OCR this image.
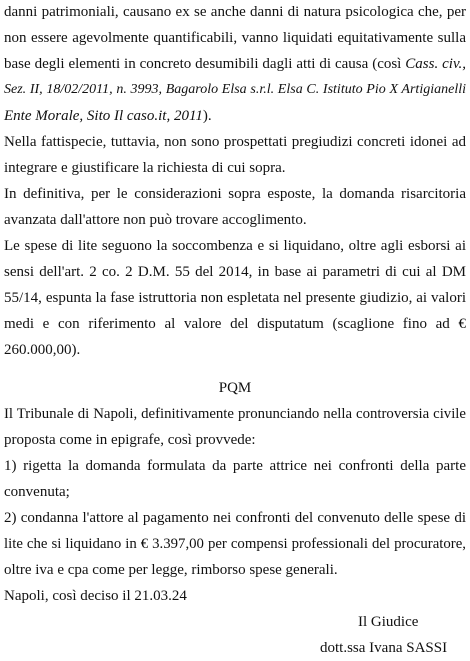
danni patrimoniali, causano ex se anche danni di natura psicologica che, per
non essere agevolmente quantificabili, vanno liquidati equitativamente sulla
base degli elementi in concreto desumibili dagli atti di causa (così Cass. civ.,
Sez. II, 18/02/2011, n. 3993, Bagarolo Elsa s.r.l. Elsa C. Istituto Pio X Artigianelli
Ente Morale, Sito Il caso.it, 2011).
Nella fattispecie, tuttavia, non sono prospettati pregiudizi concreti idonei ad
integrare e giustificare la richiesta di cui sopra.
In definitiva, per le considerazioni sopra esposte, la domanda risarcitoria
avanzata dall'attore non può trovare accoglimento.
Le spese di lite seguono la soccombenza e si liquidano, oltre agli esborsi ai
sensi dell'art. 2 co. 2 D.M. 55 del 2014, in base ai parametri di cui al DM
55/14, espunta la fase istruttoria non espletata nel presente giudizio, ai valori
medi e con riferimento al valore del disputatum (scaglione fino ad €
260.000,00).
PQM
Il Tribunale di Napoli, definitivamente pronunciando nella controversia civile
proposta come in epigrafe, così provvede:
1) rigetta la domanda formulata da parte attrice nei confronti della parte
convenuta;
2) condanna l'attore al pagamento nei confronti del convenuto delle spese di
lite che si liquidano in € 3.397,00 per compensi professionali del procuratore,
oltre iva e cpa come per legge, rimborso spese generali.
Napoli, così deciso il 21.03.24
Il Giudice
dott.ssa Ivana SASSI
